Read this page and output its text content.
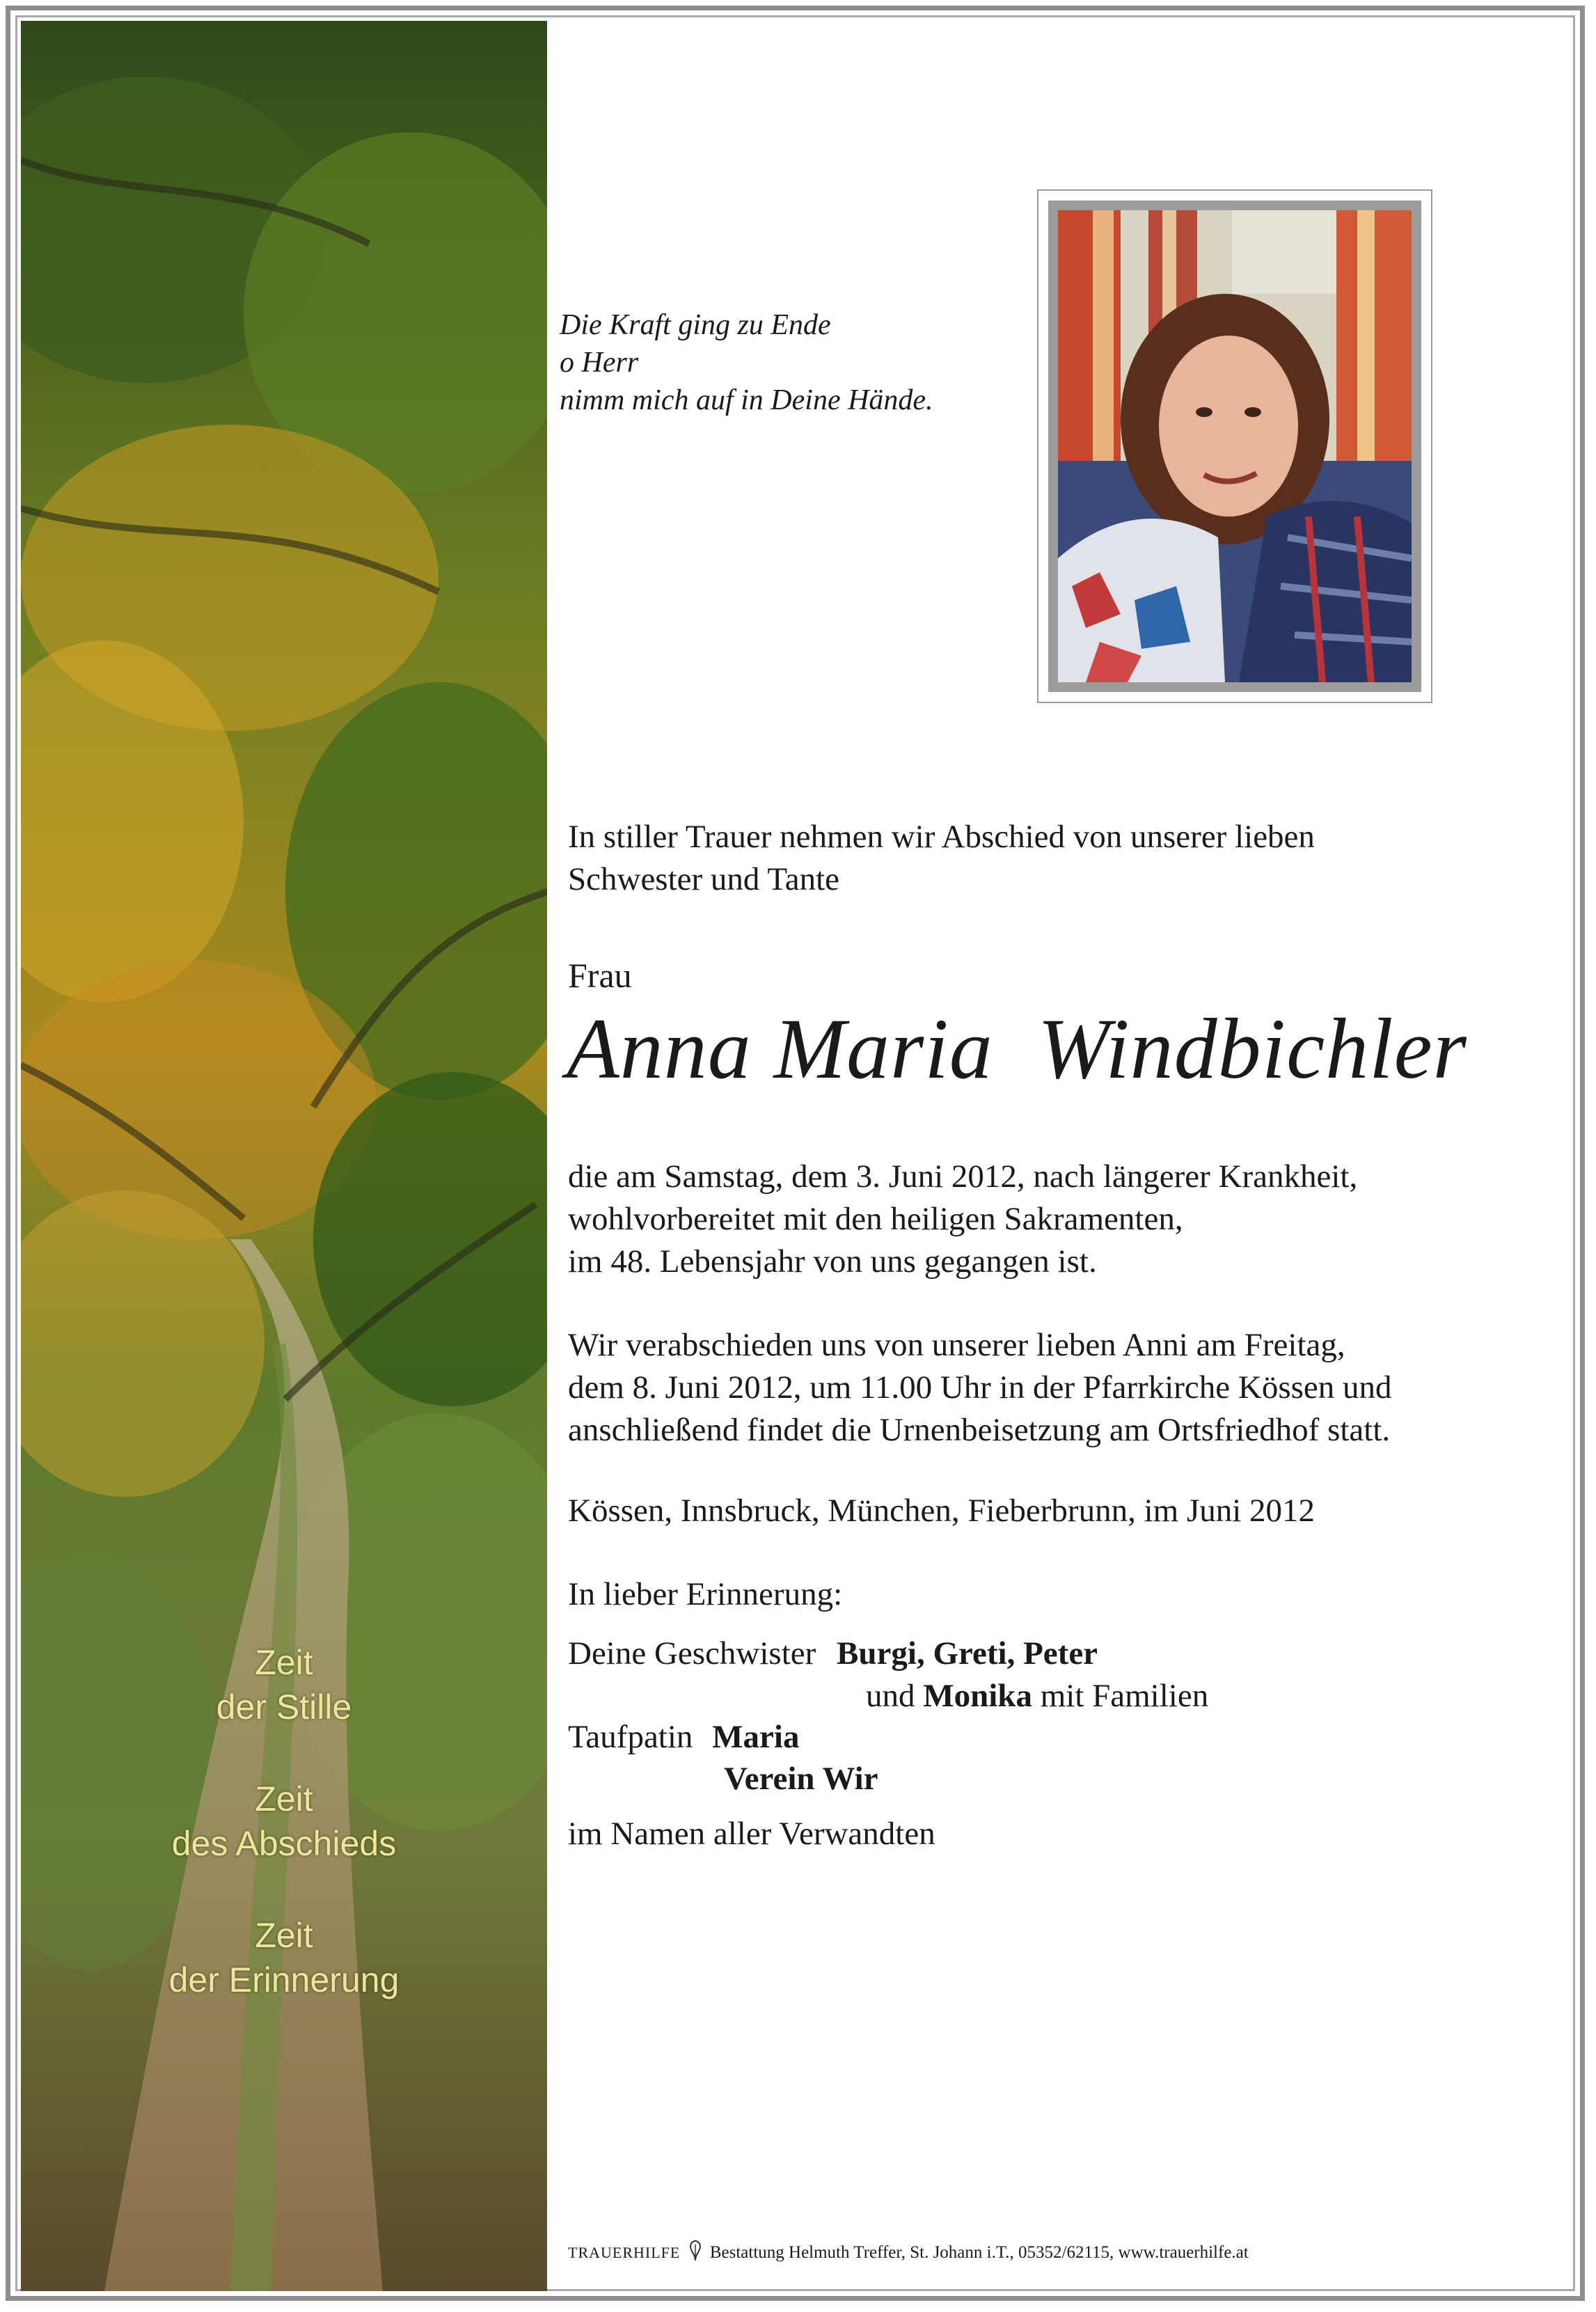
Zeit
der Stille
Zeit
des Abschieds
Zeit
der Erinnerung
Die Kraft ging zu Ende
o Herr
nimm mich auf in Deine Hände.
In stiller Trauer nehmen wir Abschied von unserer lieben
Schwester und Tante
Frau
Anna Maria  Windbichler
die am Samstag, dem 3. Juni 2012, nach längerer Krankheit,
wohlvorbereitet mit den heiligen Sakramenten,
im 48. Lebensjahr von uns gegangen ist.
Wir verabschieden uns von unserer lieben Anni am Freitag,
dem 8. Juni 2012, um 11.00 Uhr in der Pfarrkirche Kössen und
anschließend findet die Urnenbeisetzung am Ortsfriedhof statt.
Kössen, Innsbruck, München, Fieberbrunn, im Juni 2012
In lieber Erinnerung:
Deine Geschwister Burgi, Greti, Peter
und Monika mit Familien
Taufpatin Maria
Verein Wir
im Namen aller Verwandten
TRAUERHILFE Bestattung Helmuth Treffer, St. Johann i.T., 05352/62115, www.trauerhilfe.at
